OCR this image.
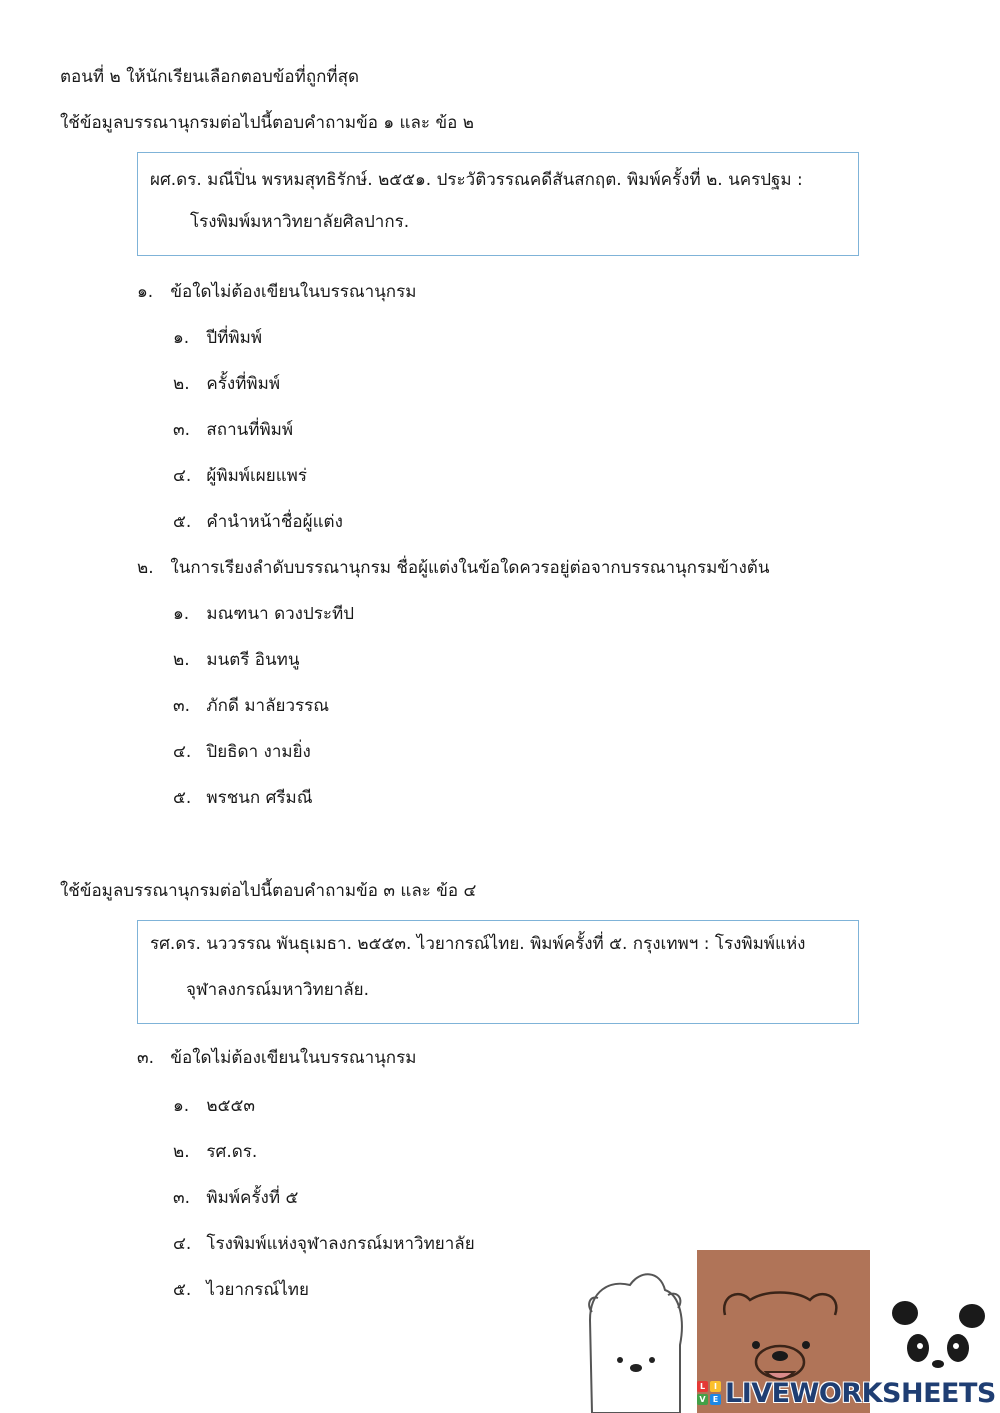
ตอนที่ ๒ ให้นักเรียนเลือกตอบข้อที่ถูกที่สุด
ใช้ข้อมูลบรรณานุกรมต่อไปนี้ตอบคำถามข้อ ๑ และ ข้อ ๒
ผศ.ดร. มณีปิ่น พรหมสุทธิรักษ์. ๒๕๕๑. ประวัติวรรณคดีสันสกฤต. พิมพ์ครั้งที่ ๒. นครปฐม :
โรงพิมพ์มหาวิทยาลัยศิลปากร.
๑. ข้อใดไม่ต้องเขียนในบรรณานุกรม
๑. ปีที่พิมพ์
๒. ครั้งที่พิมพ์
๓. สถานที่พิมพ์
๔. ผู้พิมพ์เผยแพร่
๕. คำนำหน้าชื่อผู้แต่ง
๒. ในการเรียงลำดับบรรณานุกรม ชื่อผู้แต่งในข้อใดควรอยู่ต่อจากบรรณานุกรมข้างต้น
๑. มณฑนา ดวงประทีป
๒. มนตรี อินทนู
๓. ภักดี มาลัยวรรณ
๔. ปิยธิดา งามยิ่ง
๕. พรชนก ศรีมณี
ใช้ข้อมูลบรรณานุกรมต่อไปนี้ตอบคำถามข้อ ๓ และ ข้อ ๔
รศ.ดร. นววรรณ พันธุเมธา. ๒๕๕๓. ไวยากรณ์ไทย. พิมพ์ครั้งที่ ๕. กรุงเทพฯ : โรงพิมพ์แห่ง
จุฬาลงกรณ์มหาวิทยาลัย.
๓. ข้อใดไม่ต้องเขียนในบรรณานุกรม
๑. ๒๕๕๓
๒. รศ.ดร.
๓. พิมพ์ครั้งที่ ๕
๔. โรงพิมพ์แห่งจุฬาลงกรณ์มหาวิทยาลัย
๕. ไวยากรณ์ไทย
L	I
V E LIVEWORKSHEETS
